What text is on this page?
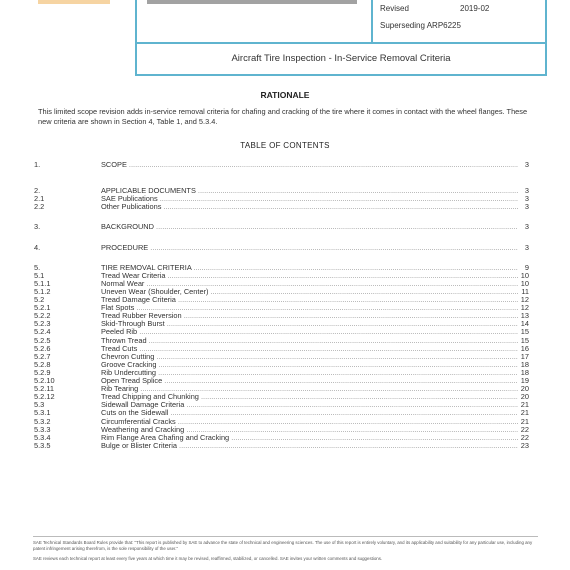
Revised	2019-02
Superseding ARP6225
Aircraft Tire Inspection - In-Service Removal Criteria
RATIONALE
This limited scope revision adds in-service removal criteria for chafing and cracking of the tire where it comes in contact with the wheel flanges. These new criteria are shown in Section 4, Table 1, and 5.3.4.
TABLE OF CONTENTS
1.	SCOPE .....	3
2.	APPLICABLE DOCUMENTS .....	3
2.1	SAE Publications .....	3
2.2	Other Publications .....	3
3.	BACKGROUND .....	3
4.	PROCEDURE .....	3
5.	TIRE REMOVAL CRITERIA .....	9
5.1	Tread Wear Criteria .....	10
5.1.1	Normal Wear .....	10
5.1.2	Uneven Wear (Shoulder, Center) .....	11
5.2	Tread Damage Criteria .....	12
5.2.1	Flat Spots .....	12
5.2.2	Tread Rubber Reversion .....	13
5.2.3	Skid-Through Burst .....	14
5.2.4	Peeled Rib .....	15
5.2.5	Thrown Tread .....	15
5.2.6	Tread Cuts .....	16
5.2.7	Chevron Cutting .....	17
5.2.8	Groove Cracking .....	18
5.2.9	Rib Undercutting .....	18
5.2.10	Open Tread Splice .....	19
5.2.11	Rib Tearing .....	20
5.2.12	Tread Chipping and Chunking .....	20
5.3	Sidewall Damage Criteria .....	21
5.3.1	Cuts on the Sidewall .....	21
5.3.2	Circumferential Cracks .....	21
5.3.3	Weathering and Cracking .....	22
5.3.4	Rim Flange Area Chafing and Cracking .....	22
5.3.5	Bulge or Blister Criteria .....	23
SAE Technical Standards Board Rules provide that: "This report is published by SAE to advance the state of technical and engineering sciences. The use of this report is entirely voluntary, and its applicability and suitability for any particular use, including any patent infringement arising therefrom, is the sole responsibility of the user."
SAE reviews each technical report at least every five years at which time it may be revised, reaffirmed, stabilized, or cancelled. SAE invites your written comments and suggestions.
